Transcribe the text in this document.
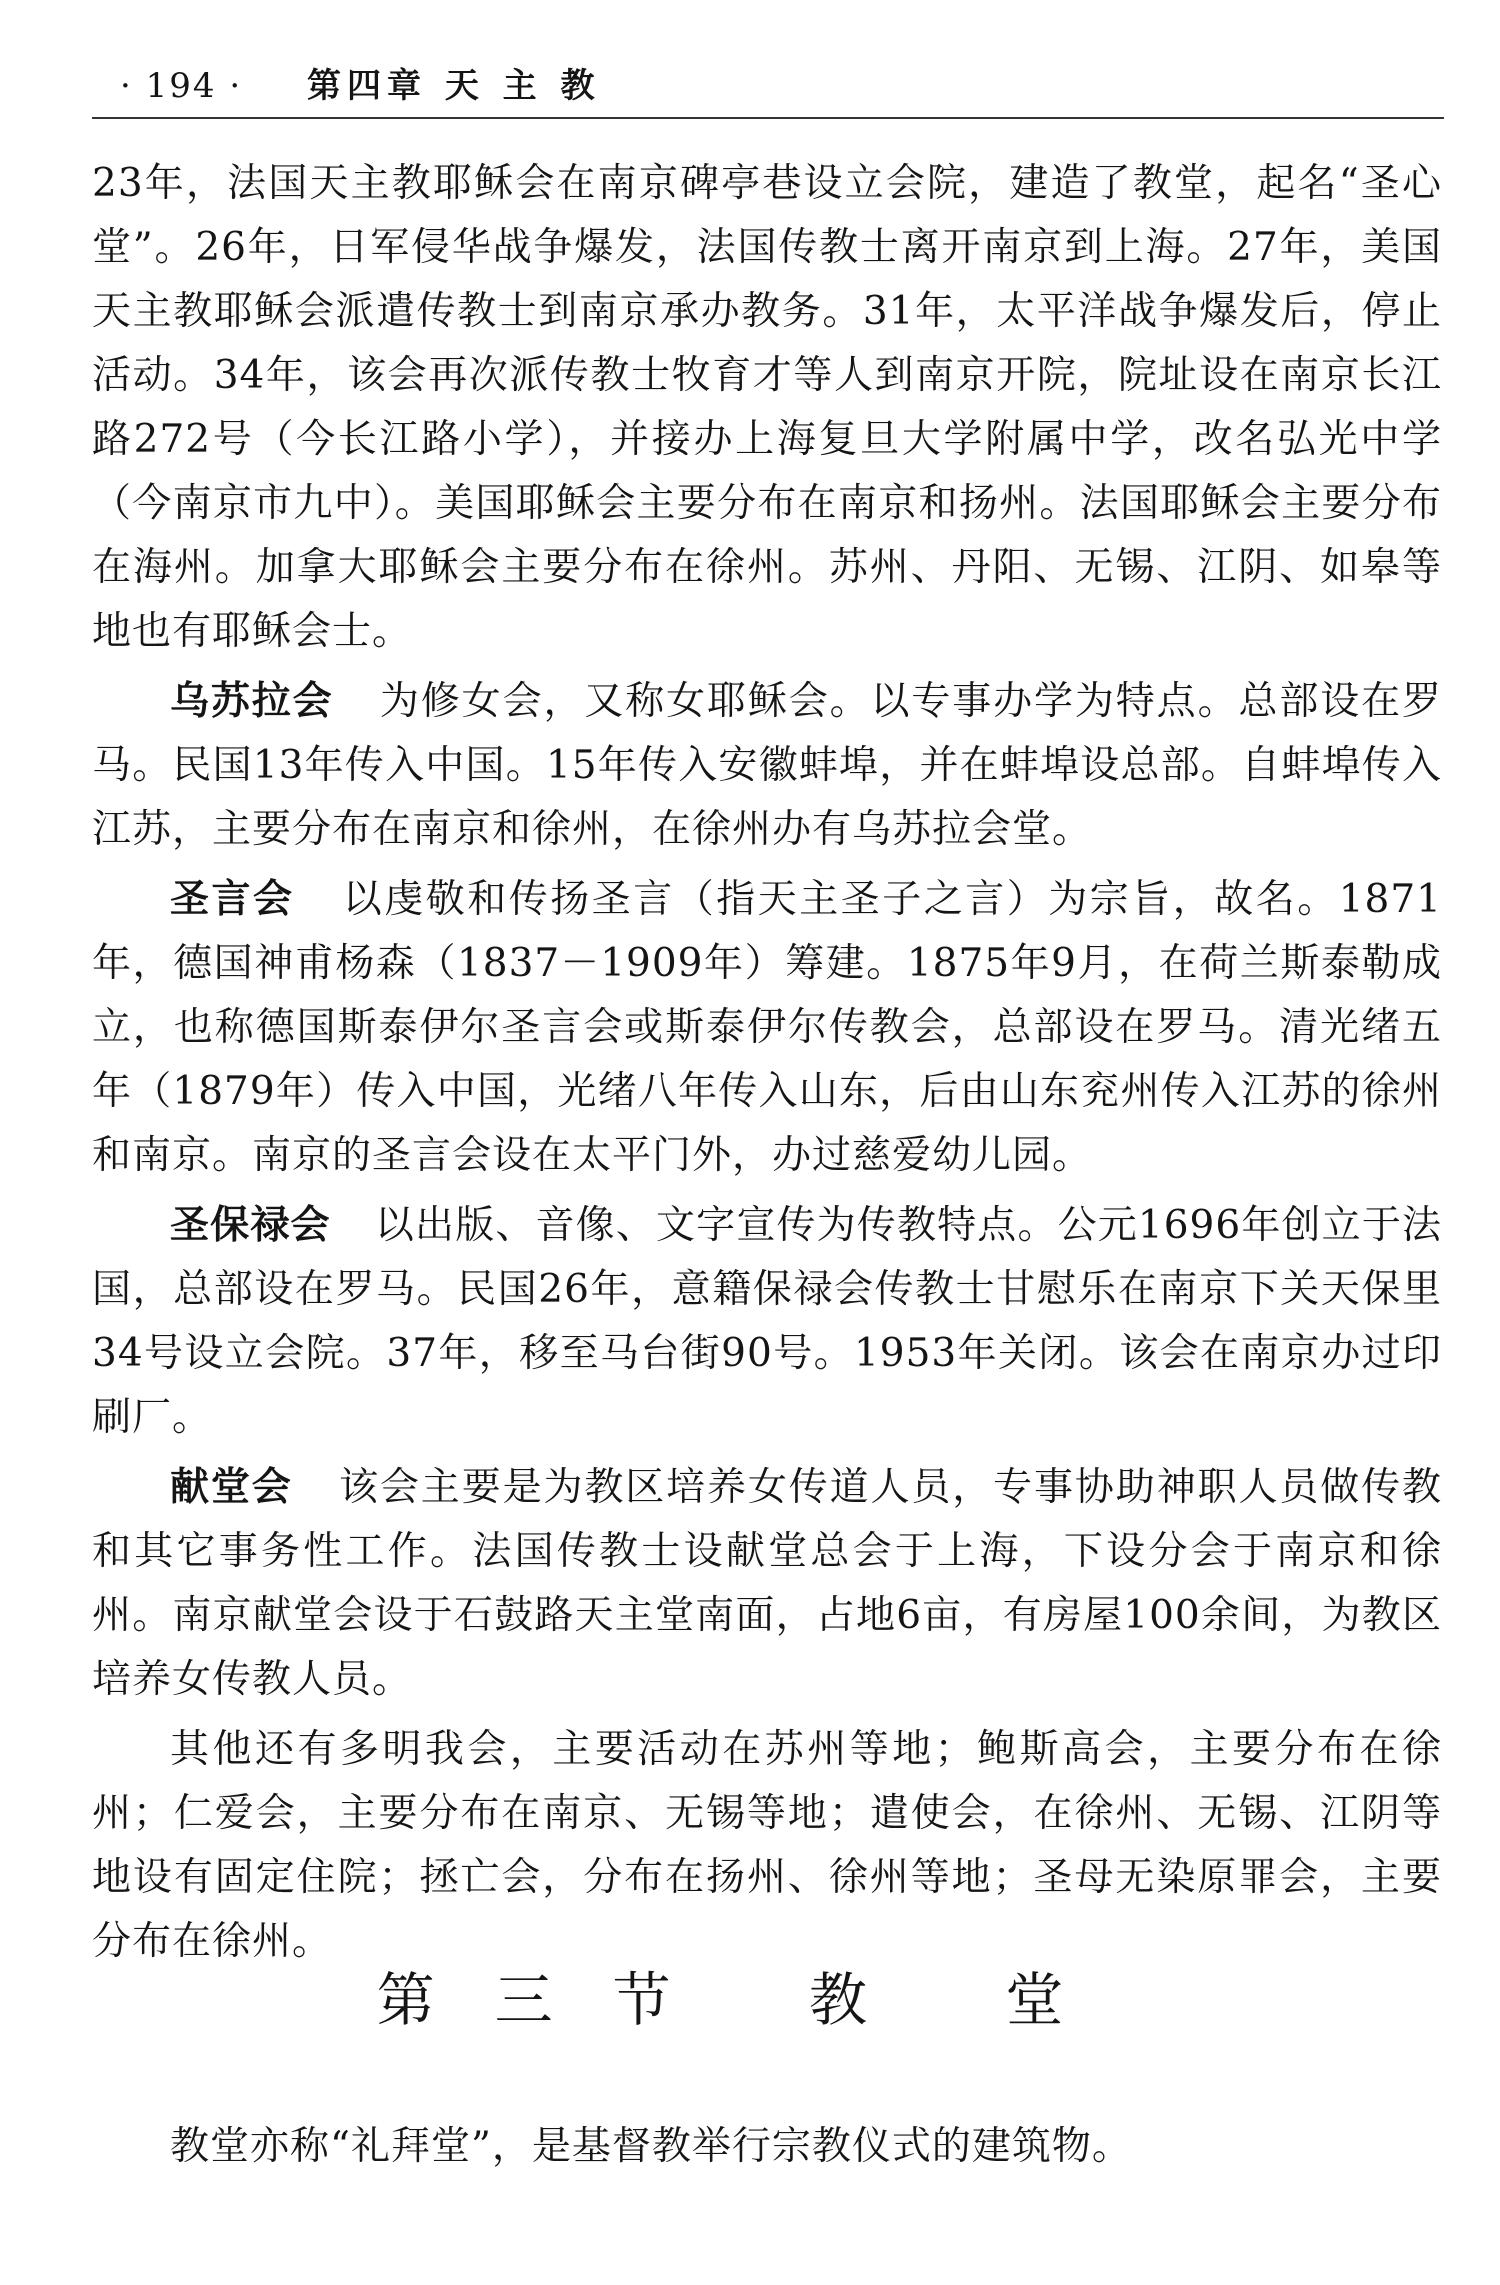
· 194 · 第四章 天 主 教

23年，法国天主教耶稣会在南京碑亭巷设立会院，建造了教堂，起名“圣心堂”。26年，日军侵华战争爆发，法国传教士离开南京到上海。27年，美国天主教耶稣会派遣传教士到南京承办教务。31年，太平洋战争爆发后，停止活动。34年，该会再次派传教士牧育才等人到南京开院，院址设在南京长江路272号（今长江路小学），并接办上海复旦大学附属中学，改名弘光中学（今南京市九中）。美国耶稣会主要分布在南京和扬州。法国耶稣会主要分布在海州。加拿大耶稣会主要分布在徐州。苏州、丹阳、无锡、江阴、如皋等地也有耶稣会士。

乌苏拉会 为修女会，又称女耶稣会。以专事办学为特点。总部设在罗马。民国13年传入中国。15年传入安徽蚌埠，并在蚌埠设总部。自蚌埠传入江苏，主要分布在南京和徐州，在徐州办有乌苏拉会堂。

圣言会 以虔敬和传扬圣言（指天主圣子之言）为宗旨，故名。1871年，德国神甫杨森（1837－1909年）筹建。1875年9月，在荷兰斯泰勒成立，也称德国斯泰伊尔圣言会或斯泰伊尔传教会，总部设在罗马。清光绪五年（1879年）传入中国，光绪八年传入山东，后由山东兖州传入江苏的徐州和南京。南京的圣言会设在太平门外，办过慈爱幼儿园。

圣保禄会 以出版、音像、文字宣传为传教特点。公元1696年创立于法国，总部设在罗马。民国26年，意籍保禄会传教士甘慰乐在南京下关天保里34号设立会院。37年，移至马台街90号。1953年关闭。该会在南京办过印刷厂。

献堂会 该会主要是为教区培养女传道人员，专事协助神职人员做传教和其它事务性工作。法国传教士设献堂总会于上海，下设分会于南京和徐州。南京献堂会设于石鼓路天主堂南面，占地6亩，有房屋100余间，为教区培养女传教人员。

其他还有多明我会，主要活动在苏州等地；鲍斯高会，主要分布在徐州；仁爱会，主要分布在南京、无锡等地；遣使会，在徐州、无锡、江阴等地设有固定住院；拯亡会，分布在扬州、徐州等地；圣母无染原罪会，主要分布在徐州。

第三节 教 堂
教堂亦称“礼拜堂”，是基督教举行宗教仪式的建筑物。
